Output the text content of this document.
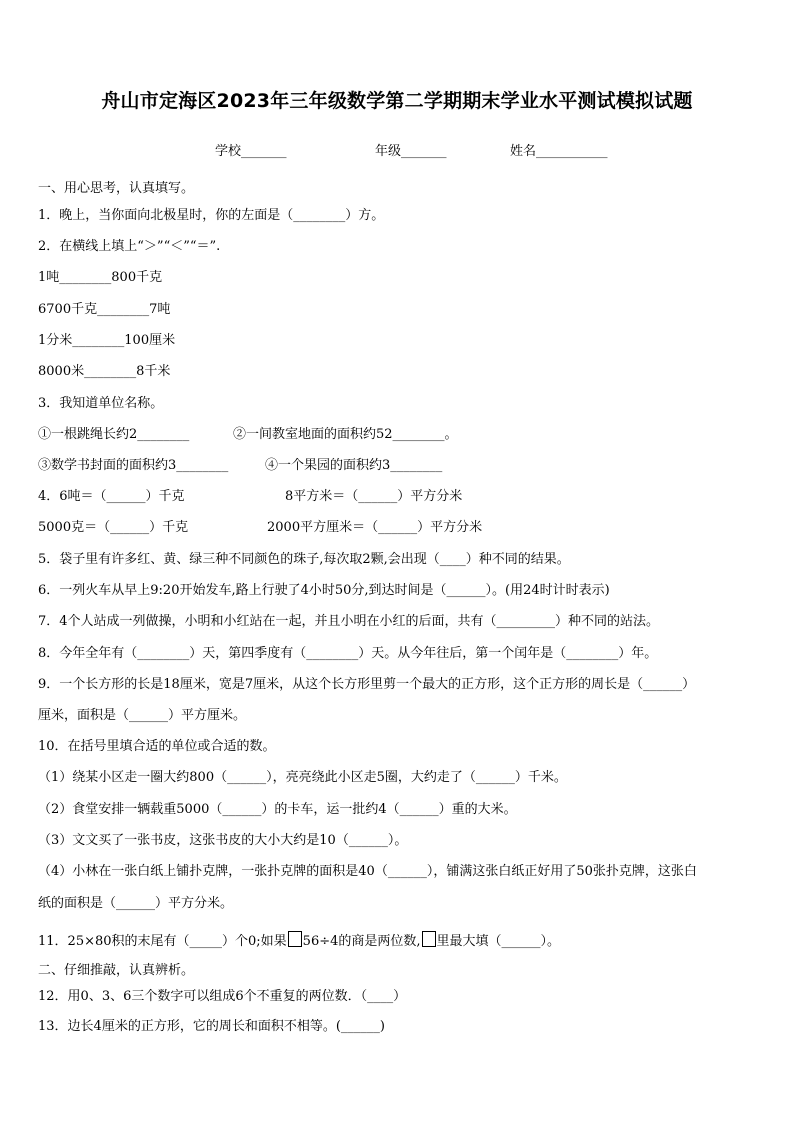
舟山市定海区2023年三年级数学第二学期期末学业水平测试模拟试题
学校_______	年级_______	姓名___________
一、用心思考，认真填写。
1．晚上，当你面向北极星时，你的左面是（________）方。
2．在横线上填上“＞”“＜”“＝”.
1吨________800千克
6700千克________7吨
1分米________100厘米
8000米________8千米
3．我知道单位名称。
①一根跳绳长约2________	②一间教室地面的面积约52________。
③数学书封面的面积约3________	④一个果园的面积约3________
4．6吨＝（______）千克	8平方米＝（______）平方分米
5000克＝（______）千克	2000平方厘米＝（______）平方分米
5．袋子里有许多红、黄、绿三种不同颜色的珠子,每次取2颗,会出现（____）种不同的结果。
6．一列火车从早上9:20开始发车,路上行驶了4小时50分,到达时间是（______）。(用24时计时表示)
7．4个人站成一列做操，小明和小红站在一起，并且小明在小红的后面，共有（_________）种不同的站法。
8．今年全年有（________）天，第四季度有（________）天。从今年往后，第一个闰年是（________）年。
9．一个长方形的长是18厘米，宽是7厘米，从这个长方形里剪一个最大的正方形，这个正方形的周长是（______）
厘米，面积是（______）平方厘米。
10．在括号里填合适的单位或合适的数。
（1）绕某小区走一圈大约800（______），亮亮绕此小区走5圈，大约走了（______）千米。
（2）食堂安排一辆载重5000（______）的卡车，运一批约4（______）重的大米。
（3）文文买了一张书皮，这张书皮的大小大约是10（______）。
（4）小林在一张白纸上铺扑克牌，一张扑克牌的面积是40（______），铺满这张白纸正好用了50张扑克牌，这张白
纸的面积是（______）平方分米。
11．25×80积的末尾有（_____）个0;如果 56÷4的商是两位数, 里最大填（______）。
二、仔细推敲，认真辨析。
12．用0、3、6三个数字可以组成6个不重复的两位数．（____）
13．边长4厘米的正方形，它的周长和面积不相等。(______)
